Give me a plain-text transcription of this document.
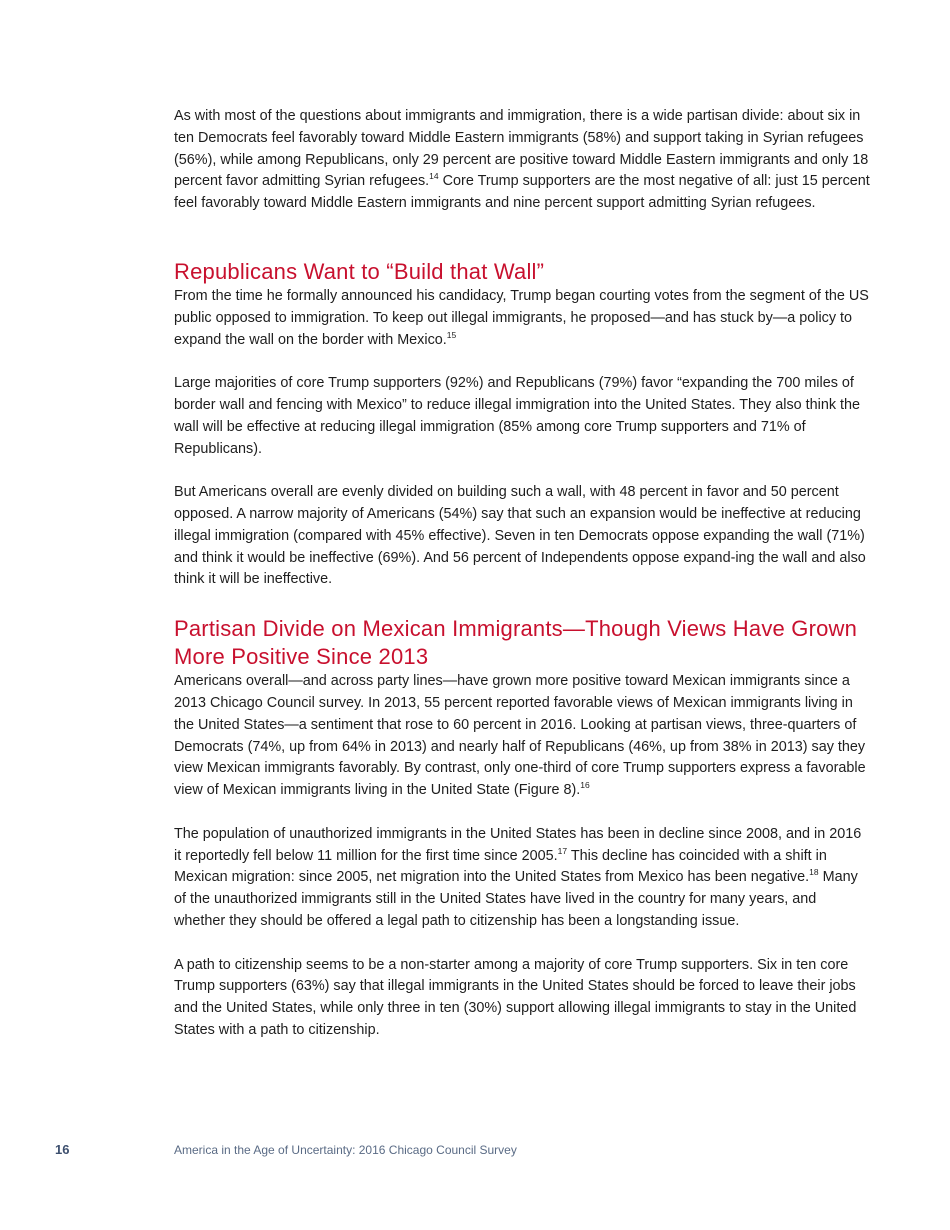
As with most of the questions about immigrants and immigration, there is a wide partisan divide: about six in ten Democrats feel favorably toward Middle Eastern immigrants (58%) and support taking in Syrian refugees (56%), while among Republicans, only 29 percent are positive toward Middle Eastern immigrants and only 18 percent favor admitting Syrian refugees.$^{14}$ Core Trump supporters are the most negative of all: just 15 percent feel favorably toward Middle Eastern immigrants and nine percent support admitting Syrian refugees.

Republicans Want to “Build that Wall”

From the time he formally announced his candidacy, Trump began courting votes from the segment of the US public opposed to immigration. To keep out illegal immigrants, he proposed—and has stuck by—a policy to expand the wall on the border with Mexico.$^{15}$

Large majorities of core Trump supporters (92%) and Republicans (79%) favor “expanding the 700 miles of border wall and fencing with Mexico” to reduce illegal immigration into the United States. They also think the wall will be effective at reducing illegal immigration (85% among core Trump supporters and 71% of Republicans).

But Americans overall are evenly divided on building such a wall, with 48 percent in favor and 50 percent opposed. A narrow majority of Americans (54%) say that such an expansion would be ineffective at reducing illegal immigration (compared with 45% effective). Seven in ten Democrats oppose expanding the wall (71%) and think it would be ineffective (69%). And 56 percent of Independents oppose expand-ing the wall and also think it will be ineffective.

Partisan Divide on Mexican Immigrants—Though Views Have Grown More Positive Since 2013

Americans overall—and across party lines—have grown more positive toward Mexican immigrants since a 2013 Chicago Council survey. In 2013, 55 percent reported favorable views of Mexican immigrants living in the United States—a sentiment that rose to 60 percent in 2016. Looking at partisan views, three-quarters of Democrats (74%, up from 64% in 2013) and nearly half of Republicans (46%, up from 38% in 2013) say they view Mexican immigrants favorably. By contrast, only one-third of core Trump supporters express a favorable view of Mexican immigrants living in the United State (Figure 8).$^{16}$

The population of unauthorized immigrants in the United States has been in decline since 2008, and in 2016 it reportedly fell below 11 million for the first time since 2005.17 This decline has coincided with a shift in Mexican migration: since 2005, net migration into the United States from Mexico has been negative.$^{18}$ Many of the unauthorized immigrants still in the United States have lived in the country for many years, and whether they should be offered a legal path to citizenship has been a longstanding issue.

A path to citizenship seems to be a non-starter among a majority of core Trump supporters. Six in ten core Trump supporters (63%) say that illegal immigrants in the United States should be forced to leave their jobs and the United States, while only three in ten (30%) support allowing illegal immigrants to stay in the United States with a path to citizenship.

16	America in the Age of Uncertainty: 2016 Chicago Council Survey
